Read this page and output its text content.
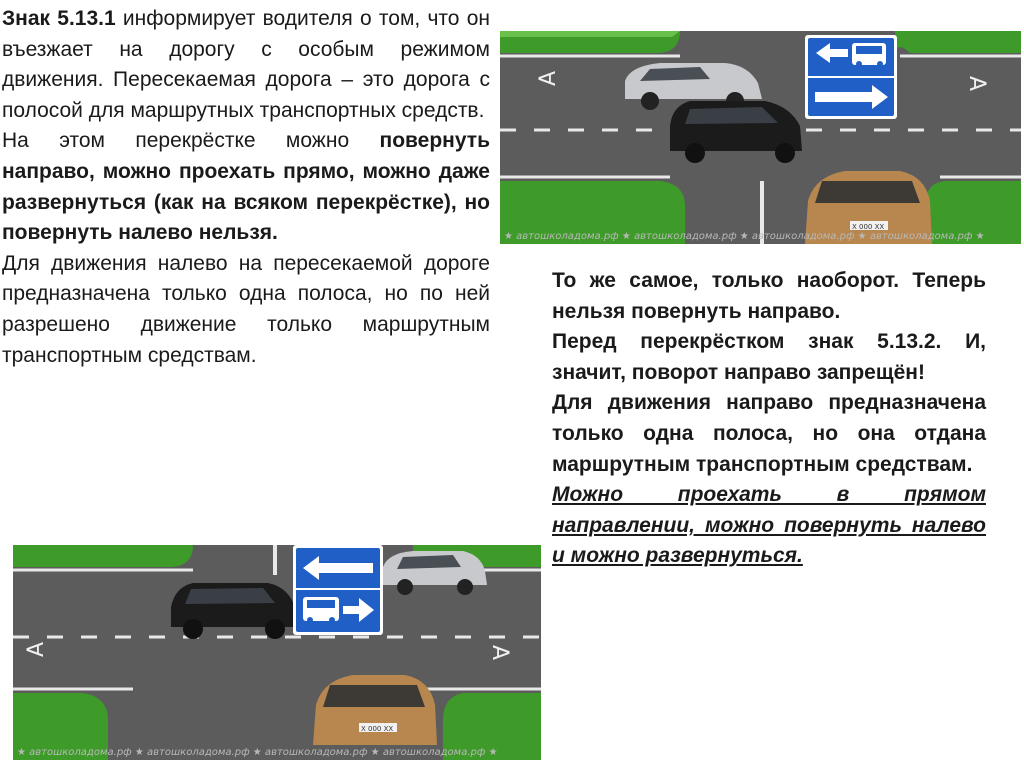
Знак 5.13.1 информирует водителя о том, что он въезжает на дорогу с особым режимом движения. Пересекаемая дорога – это дорога с полосой для маршрутных транспортных средств.

На этом перекрёстке можно повернуть направо, можно проехать прямо, можно даже развернуться (как на всяком перекрёстке), но повернуть налево нельзя.

Для движения налево на пересекаемой дороге предназначена только одна полоса, но по ней разрешено движение только маршрутным транспортным средствам.

То же самое, только наоборот. Теперь нельзя повернуть направо.

Перед перекрёстком знак 5.13.2. И, значит, поворот направо запрещён!

Для движения направо предназначена только одна полоса, но она отдана маршрутным транспортным средствам.

Можно проехать в прямом направлении, можно повернуть налево и можно развернуться.

А	А
Х 000 ХХ
★ автошколадома.рф ★ автошколадома.рф ★ автошколадома.рф ★ автошколадома.рф ★
А	А
Х 000 ХХ
★ автошколадома.рф ★ автошколадома.рф ★ автошколадома.рф ★ автошколадома.рф ★
